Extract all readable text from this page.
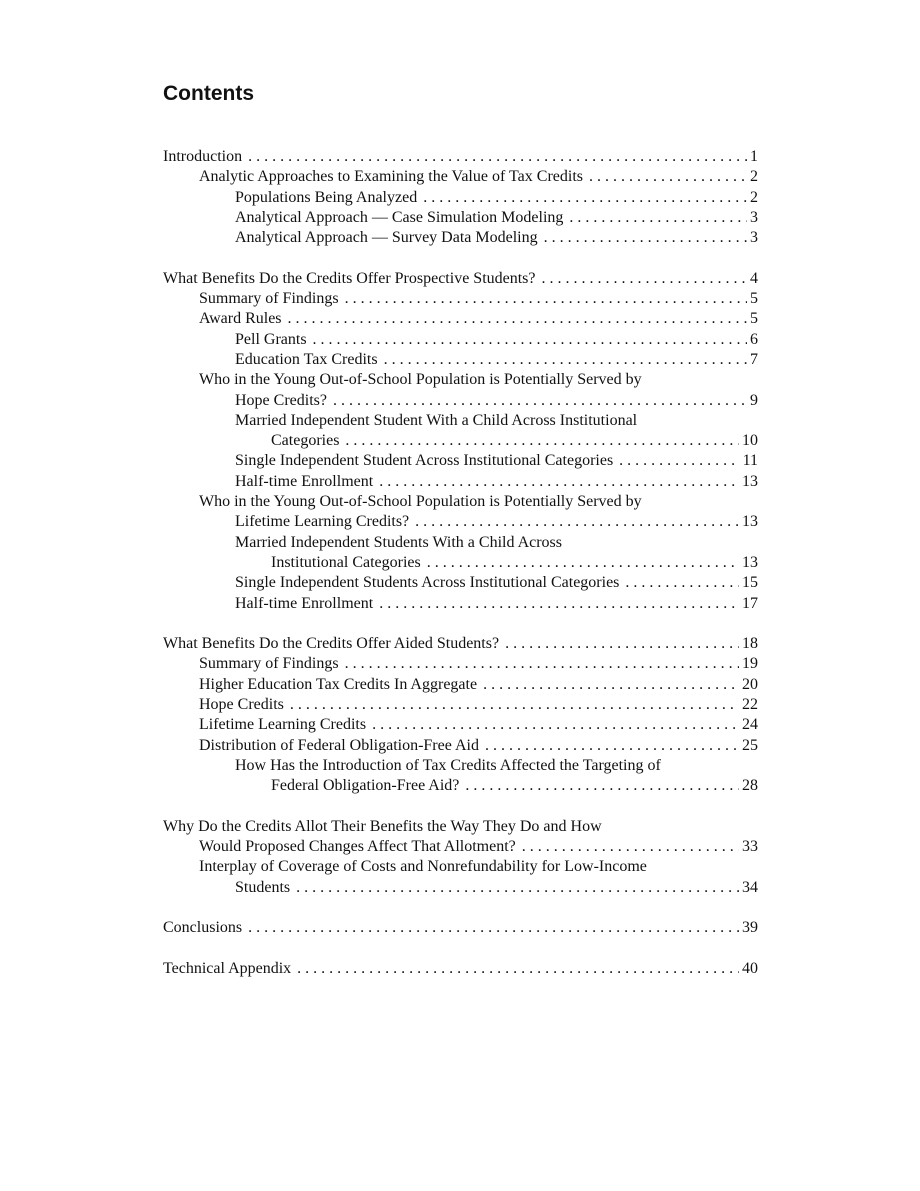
Contents
Introduction . . .	1
Analytic Approaches to Examining the Value of Tax Credits . . .	2
Populations Being Analyzed . . .	2
Analytical Approach — Case Simulation Modeling . . .	3
Analytical Approach — Survey Data Modeling . . .	3
What Benefits Do the Credits Offer Prospective Students? . . .	4
Summary of Findings . . .	5
Award Rules . . .	5
Pell Grants . . .	6
Education Tax Credits . . .	7
Who in the Young Out-of-School Population is Potentially Served by
Hope Credits? . . .	9
Married Independent Student With a Child Across Institutional
Categories . . .	10
Single Independent Student Across Institutional Categories . . .	11
Half-time Enrollment . . .	13
Who in the Young Out-of-School Population is Potentially Served by
Lifetime Learning Credits? . . .	13
Married Independent Students With a Child Across
Institutional Categories . . .	13
Single Independent Students Across Institutional Categories . . .	15
Half-time Enrollment . . .	17
What Benefits Do the Credits Offer Aided Students? . . .	18
Summary of Findings . . .	19
Higher Education Tax Credits In Aggregate . . .	20
Hope Credits . . .	22
Lifetime Learning Credits . . .	24
Distribution of Federal Obligation-Free Aid . . .	25
How Has the Introduction of Tax Credits Affected the Targeting of
Federal Obligation-Free Aid? . . .	28
Why Do the Credits Allot Their Benefits the Way They Do and How
Would Proposed Changes Affect That Allotment? . . .	33
Interplay of Coverage of Costs and Nonrefundability for Low-Income
Students . . .	34
Conclusions . . .	39
Technical Appendix . . .	40
